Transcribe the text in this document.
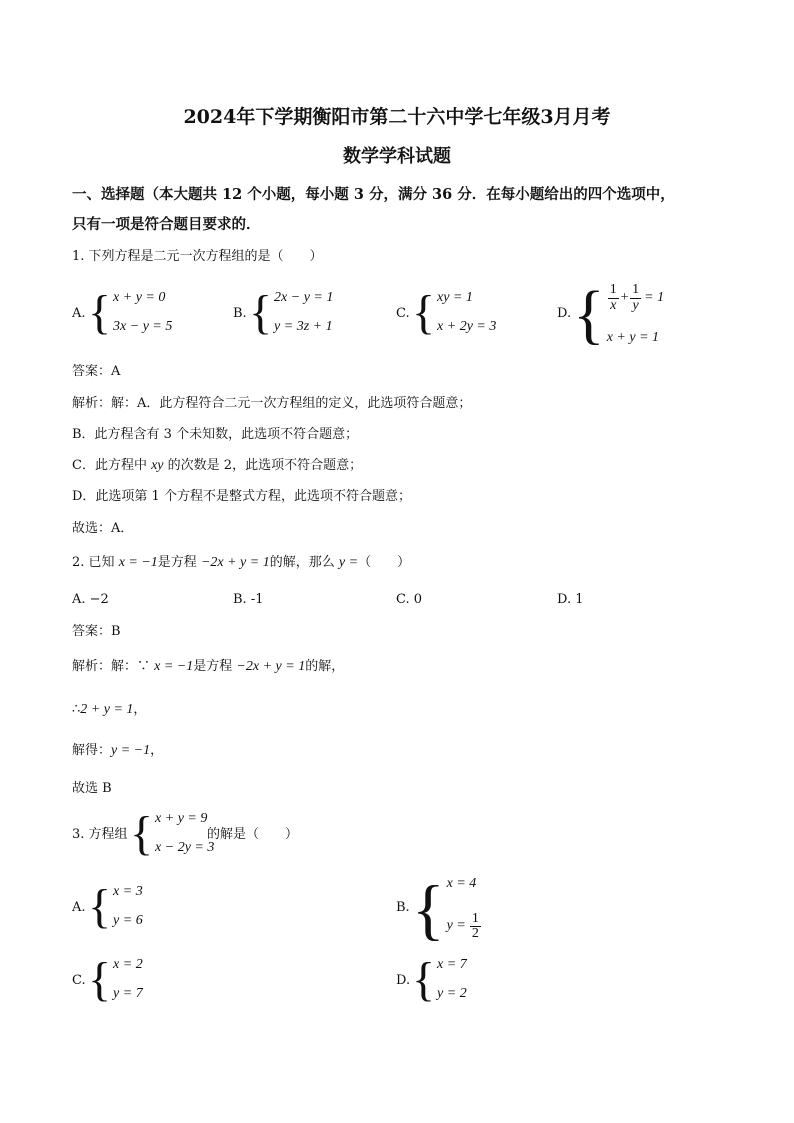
2024年下学期衡阳市第二十六中学七年级3月月考
数学学科试题
一、选择题（本大题共 12 个小题，每小题 3 分，满分 36 分．在每小题给出的四个选项中，
只有一项是符合题目要求的．
1. 下列方程是二元一次方程组的是（　　）
A. { x + y = 0
3x − y = 5
B. { 2x − y = 1
y = 3z + 1
C. { xy = 1
x + 2y = 3
D. { $\frac{1}{x} + \frac{1}{y} = 1$
x + y = 1
答案：A
解析：解：A．此方程符合二元一次方程组的定义，此选项符合题意；
B．此方程含有 3 个未知数，此选项不符合题意；
C．此方程中 xy 的次数是 2，此选项不符合题意；
D．此选项第 1 个方程不是整式方程，此选项不符合题意；
故选：A．
2. 已知 x = −1是方程 −2x + y = 1的解，那么 y =（　　）
A. −2	B. -1	C. 0	D. 1
答案：B
解析：解：∵ x = −1是方程 −2x + y = 1的解，
∴2 + y = 1，
解得：y = −1，
故选 B
3. 方程组 { x + y = 9
x − 2y = 3
的解是（　　）
A. { x = 3
y = 6
B. { x = 4
$y = \frac{1}{2}$
C. { x = 2
y = 7
D. { x = 7
y = 2
